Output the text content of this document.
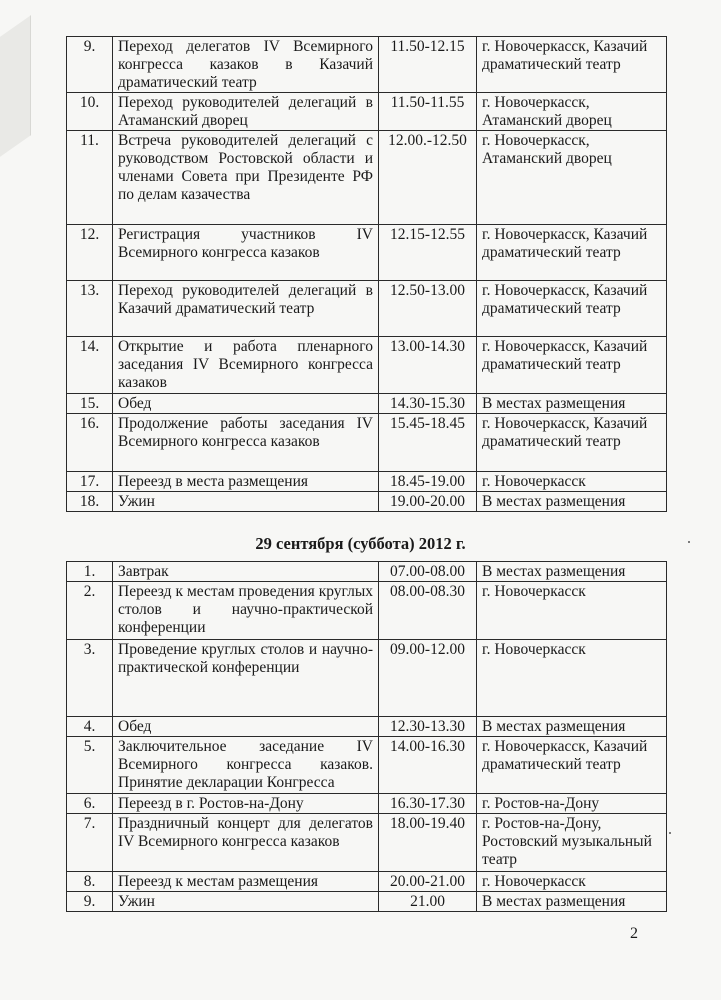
9.	Переход делегатов IV Всемирного конгресса казаков в Казачий драматический театр	11.50-12.15	г. Новочеркасск, Казачий драматический театр
10.	Переход руководителей делегаций в Атаманский дворец	11.50-11.55	г. Новочеркасск, Атаманский дворец
11.	Встреча руководителей делегаций с руководством Ростовской области и членами Совета при Президенте РФ по делам казачества	12.00.-12.50	г. Новочеркасск, Атаманский дворец
12.	Регистрация участников IV Всемирного конгресса казаков	12.15-12.55	г. Новочеркасск, Казачий драматический театр
13.	Переход руководителей делегаций в Казачий драматический театр	12.50-13.00	г. Новочеркасск, Казачий драматический театр
14.	Открытие и работа пленарного заседания IV Всемирного конгресса казаков	13.00-14.30	г. Новочеркасск, Казачий драматический театр
15.	Обед	14.30-15.30	В местах размещения
16.	Продолжение работы заседания IV Всемирного конгресса казаков	15.45-18.45	г. Новочеркасск, Казачий драматический театр
17.	Переезд в места размещения	18.45-19.00	г. Новочеркасск
18.	Ужин	19.00-20.00	В местах размещения
29 сентября (суббота) 2012 г.
1.	Завтрак	07.00-08.00	В местах размещения
2.	Переезд к местам проведения круглых столов и научно-практической конференции	08.00-08.30	г. Новочеркасск
3.	Проведение круглых столов и научно-практической конференции	09.00-12.00	г. Новочеркасск
4.	Обед	12.30-13.30	В местах размещения
5.	Заключительное заседание IV Всемирного конгресса казаков. Принятие декларации Конгресса	14.00-16.30	г. Новочеркасск, Казачий драматический театр
6.	Переезд в г. Ростов-на-Дону	16.30-17.30	г. Ростов-на-Дону
7.	Праздничный концерт для делегатов IV Всемирного конгресса казаков	18.00-19.40	г. Ростов-на-Дону, Ростовский музыкальный театр
8.	Переезд к местам размещения	20.00-21.00	г. Новочеркасск
9.	Ужин	21.00	В местах размещения
2
